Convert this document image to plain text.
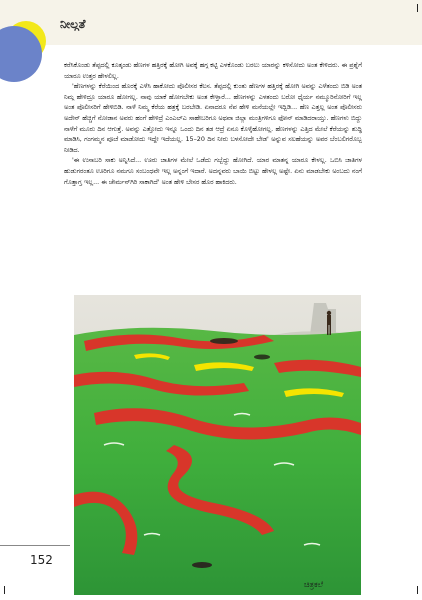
ನೀಲ್ಗತೆ

ಕರೆಸಿಕೊಂಡು ತೆಪ್ಪದಲ್ಲಿ ಕೂತ್ಕಂಡು ಹೆಣಗಳ ಹತ್ತಿರಕ್ಕೆ ಹೋಗಿ ಅವಕ್ಕೆ ಹಗ್ಗ ಕಟ್ಟಿ ಎಳಕೊಂಡು ಬರಲು ಯಾರನ್ನು ಕಳಿಸೋದು ಅಂತ ಕೇಳಿದರು. ಈ ಪ್ರಶ್ನೆಗೆ ಯಾರೂ ಉತ್ತರ ಹೇಳಲಿಲ್ಲ.

'ಹೆಣಗಳನ್ನು ಕೆರೆಯಿಂದ ಹೊರಕ್ಕೆ ಎಳೆಸಿ ಹಾಕೋದು ಪೊಲೀಸರ ಕೆಲಸ. ತೆಪ್ಪದಲ್ಲಿ ಕುಂತು ಹೆಣಗಳ ಹತ್ತಿರಕ್ಕೆ ಹೋಗಿ ಅವನ್ನು ಎಳೆತಂದು ಬಿಡಿ ಅಂತ ನಿಮ್ಗ ಹೇಳಿದ್ರೂ ಯಾರೂ ಹೋಗಲ್ಲ. ನಾವು ಯಾಕೆ ಹೋಗಬೇಕು ಅಂತ ಕೇಳ್ತಾರೆ... ಹೆಣಗಳನ್ನು ಎಳತಂದು ಬರೋ ಧೈರ್ಯ ನಮ್ಮೂರಿನೋರಿಗೆ ಇಲ್ಲ ಅಂತ ಪೊಲೀಸರಿಗೆ ಹೇಳಿಬಿಡಿ. ನಾಳೆ ನಿಮ್ಮ ಕೆರೆಯ ಹತ್ರಕ್ಕೆ ಬರಬೇಡಿ. ಏನಾದರೂ ನೆಪ ಹೇಳಿ ಮನೆಯಲ್ಲೇ ಇದ್ಬಿಡಿ... ಹೆಣ ಎತ್ತಲ್ಲ ಅಂತ ಪೊಲೀಸರು ಅದೇನ್ ಹೆಚ್ಚಿಗೆ ನೋಡಾನ ಅವರು ಹಂಗೆ ಹೇಳಿದ್ರೆ ಎಂಎಲ್ಎ ಸಾಹೇಬರಿಗೂ ಅಥವಾ ಜಿಲ್ಲಾ ಮಂತ್ರಿಗಳಿಗೂ ಫೋನ್ ಮಾಡಿದರಾಯ್ತು. ಹೆಣಗಳು ಬಿದ್ದು ನಾಳೆಗೆ ಮೂರು ದಿನ ಆಗುತ್ತೆ. ಅವನ್ನು ಎತ್ತೋದು ಇನ್ನೂ ಒಂದು ದಿನ ತಡ ಆದ್ರೆ ಏನೂ ಕೊಳ್ಕೆಹೋಗಲ್ಲ. ಹೆಣಗಳನ್ನು ಎತ್ತಿದ ಮೇಲೆ ಕೆರೆಯನ್ನು ಶುದ್ಧಿ ಮಾಡಿಸಿ, ಗಂಗಮ್ಮನ ಪೂಜೆ ಮಾಡೋದು ಇದ್ದೇ ಇದೆಯಲ್ಲ. 15–20 ದಿನ ನೀರು ಬಳಸೋದೇ ಬೇಡ' ಅನ್ನುವ ಸಲಹೆಯನ್ನು ಅವರ ಬೆಂಬಲಿಗರೊಬ್ಬ ನೀಡಿದ.

'ಈ ಉಸಾಬರಿ ಸಾಕು ಅನ್ನಿಸಿದೆ... ಊರು ಜಾತಿಗಳ ಮೇಲೆ ಒಡೆದು ಗಬ್ಬೆದ್ದು ಹೋಗಿದೆ. ಯಾರ ಮಾತನ್ನ ಯಾರೂ ಕೇಳಲ್ಲ. ಒಬಿಸಿ ಜಾತಿಗಳ ಹುಡುಗರಂತೂ ಊರಿಗೂ ನಮಗೂ ಸಂಬಂಧವೇ ಇಲ್ಲ ಅನ್ನಂಗೆ ಇದಾರೆ. ಅದನ್ನವರು ಬಾಯಿ ಬಿಟ್ಟು ಹೇಳಲ್ಲ ಅಷ್ಟೇ. ಏನು ಮಾಡಬೇಕು ಅಂಬದು ನಂಗೆ ಗೊತ್ತಾಗ್ತ ಇಲ್ಲ... ಈ ಚೇರ್ಮನ್‌ಗಿರಿ ಸಾಕಾಗಿದೆ' ಅಂತ ಹೇಳಿ ಬೇಸರ ಹೊರ ಹಾಕಿದರು.

ಚಿತ್ರಕಲೆ
152
